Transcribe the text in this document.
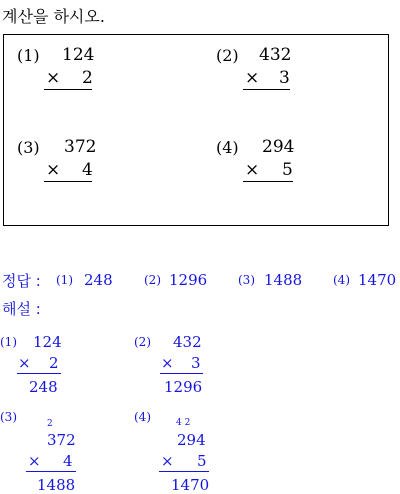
계산을 하시오.
(1) 124
× 2
(2) 432
× 3
(3) 372
× 4
(4) 294
× 5
정답 : (1) 248	(2) 1296	(3) 1488	(4) 1470
해설 :
(1) 124
× 2
248
(2) 432
× 3
1296
(3)	2
372
× 4
1488
(4)	4 2
294
× 5
1470
